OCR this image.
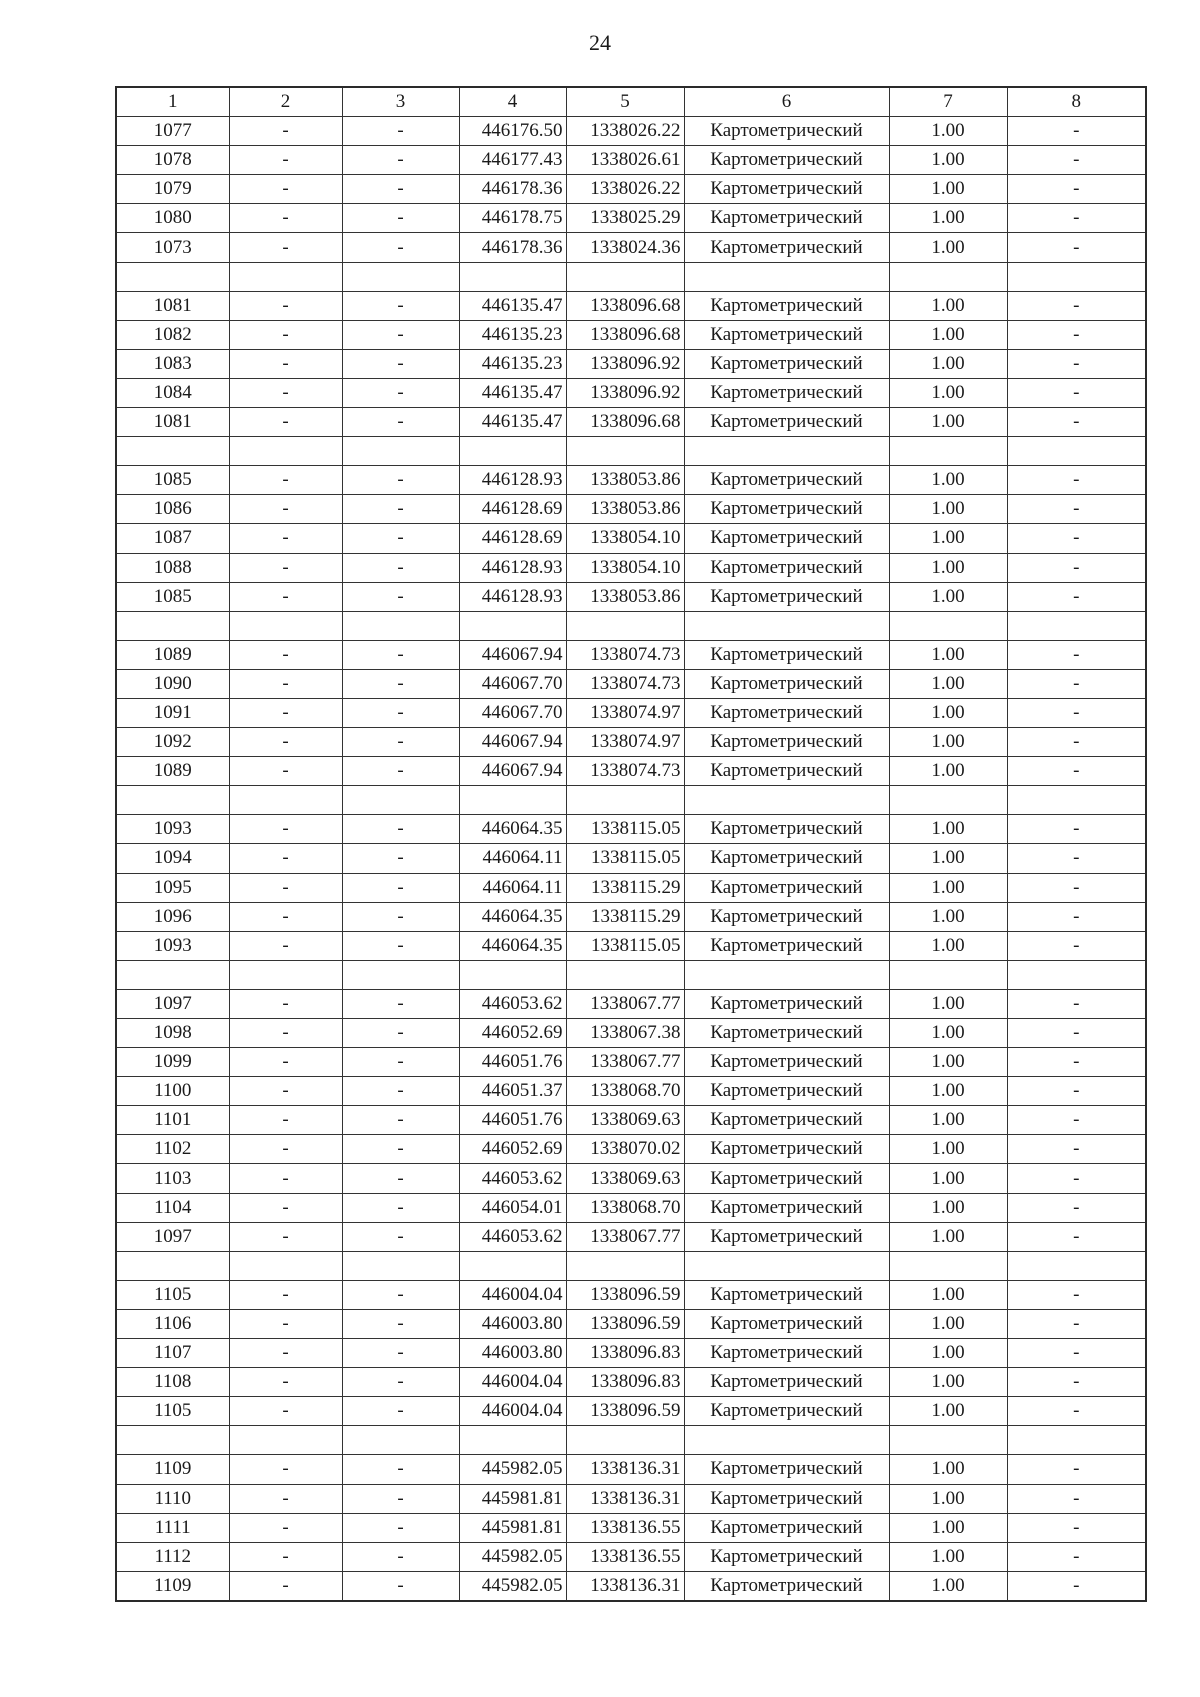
24
1	2	3	4	5	6	7	8
1077	-	-	446176.50	1338026.22	Картометрический	1.00	-
1078	-	-	446177.43	1338026.61	Картометрический	1.00	-
1079	-	-	446178.36	1338026.22	Картометрический	1.00	-
1080	-	-	446178.75	1338025.29	Картометрический	1.00	-
1073	-	-	446178.36	1338024.36	Картометрический	1.00	-

1081	-	-	446135.47	1338096.68	Картометрический	1.00	-
1082	-	-	446135.23	1338096.68	Картометрический	1.00	-
1083	-	-	446135.23	1338096.92	Картометрический	1.00	-
1084	-	-	446135.47	1338096.92	Картометрический	1.00	-
1081	-	-	446135.47	1338096.68	Картометрический	1.00	-

1085	-	-	446128.93	1338053.86	Картометрический	1.00	-
1086	-	-	446128.69	1338053.86	Картометрический	1.00	-
1087	-	-	446128.69	1338054.10	Картометрический	1.00	-
1088	-	-	446128.93	1338054.10	Картометрический	1.00	-
1085	-	-	446128.93	1338053.86	Картометрический	1.00	-

1089	-	-	446067.94	1338074.73	Картометрический	1.00	-
1090	-	-	446067.70	1338074.73	Картометрический	1.00	-
1091	-	-	446067.70	1338074.97	Картометрический	1.00	-
1092	-	-	446067.94	1338074.97	Картометрический	1.00	-
1089	-	-	446067.94	1338074.73	Картометрический	1.00	-

1093	-	-	446064.35	1338115.05	Картометрический	1.00	-
1094	-	-	446064.11	1338115.05	Картометрический	1.00	-
1095	-	-	446064.11	1338115.29	Картометрический	1.00	-
1096	-	-	446064.35	1338115.29	Картометрический	1.00	-
1093	-	-	446064.35	1338115.05	Картометрический	1.00	-

1097	-	-	446053.62	1338067.77	Картометрический	1.00	-
1098	-	-	446052.69	1338067.38	Картометрический	1.00	-
1099	-	-	446051.76	1338067.77	Картометрический	1.00	-
1100	-	-	446051.37	1338068.70	Картометрический	1.00	-
1101	-	-	446051.76	1338069.63	Картометрический	1.00	-
1102	-	-	446052.69	1338070.02	Картометрический	1.00	-
1103	-	-	446053.62	1338069.63	Картометрический	1.00	-
1104	-	-	446054.01	1338068.70	Картометрический	1.00	-
1097	-	-	446053.62	1338067.77	Картометрический	1.00	-

1105	-	-	446004.04	1338096.59	Картометрический	1.00	-
1106	-	-	446003.80	1338096.59	Картометрический	1.00	-
1107	-	-	446003.80	1338096.83	Картометрический	1.00	-
1108	-	-	446004.04	1338096.83	Картометрический	1.00	-
1105	-	-	446004.04	1338096.59	Картометрический	1.00	-

1109	-	-	445982.05	1338136.31	Картометрический	1.00	-
1110	-	-	445981.81	1338136.31	Картометрический	1.00	-
1111	-	-	445981.81	1338136.55	Картометрический	1.00	-
1112	-	-	445982.05	1338136.55	Картометрический	1.00	-
1109	-	-	445982.05	1338136.31	Картометрический	1.00	-
